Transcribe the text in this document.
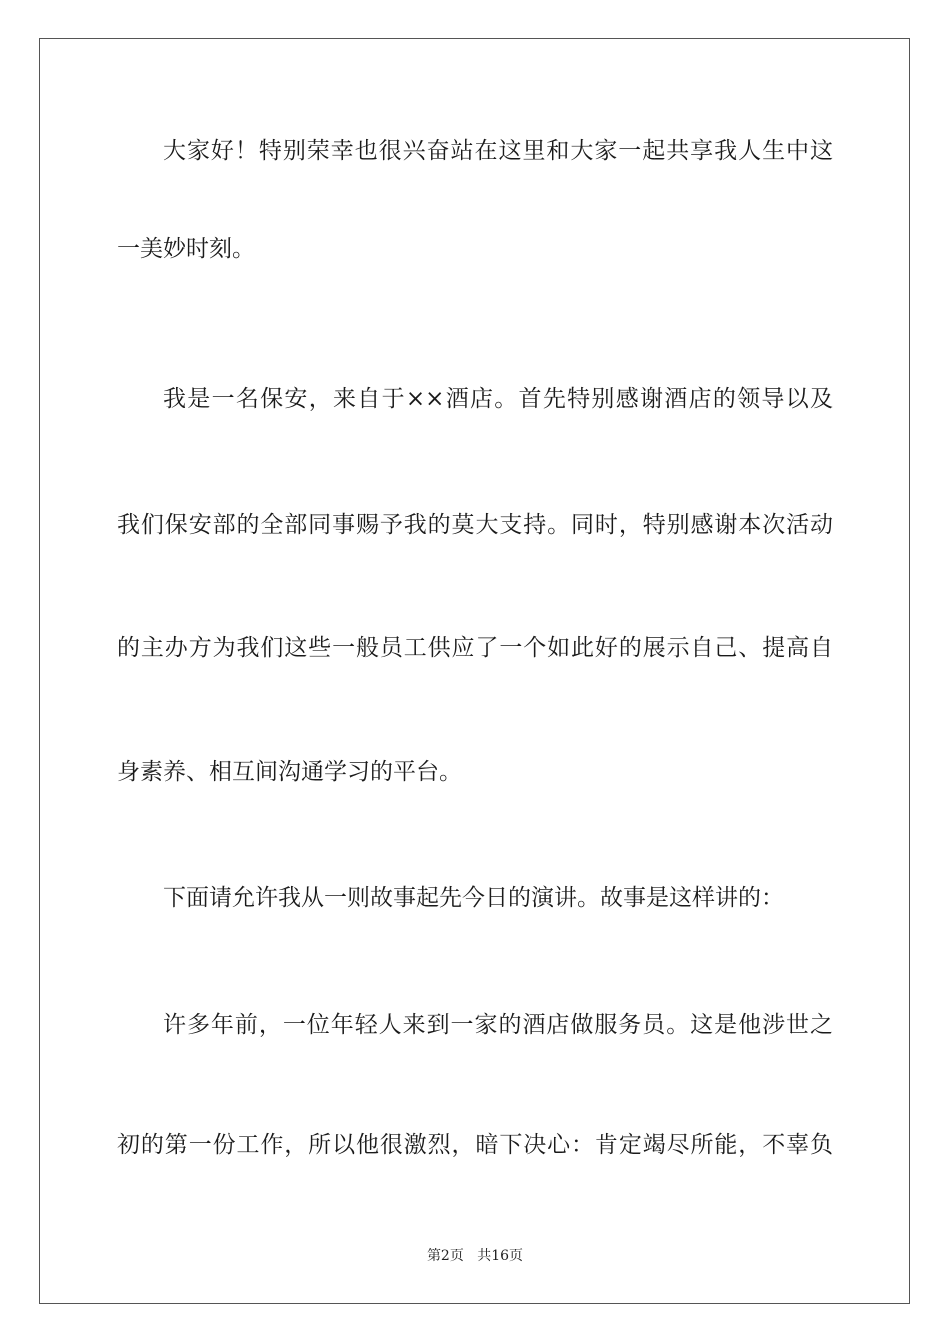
大家好！特别荣幸也很兴奋站在这里和大家一起共享我人生中这
一美妙时刻。
我是一名保安，来自于××酒店。首先特别感谢酒店的领导以及
我们保安部的全部同事赐予我的莫大支持。同时，特别感谢本次活动
的主办方为我们这些一般员工供应了一个如此好的展示自己、提高自
身素养、相互间沟通学习的平台。
下面请允许我从一则故事起先今日的演讲。故事是这样讲的：
许多年前，一位年轻人来到一家的酒店做服务员。这是他涉世之
初的第一份工作，所以他很激烈，暗下决心：肯定竭尽所能，不辜负
第2页 共16页
